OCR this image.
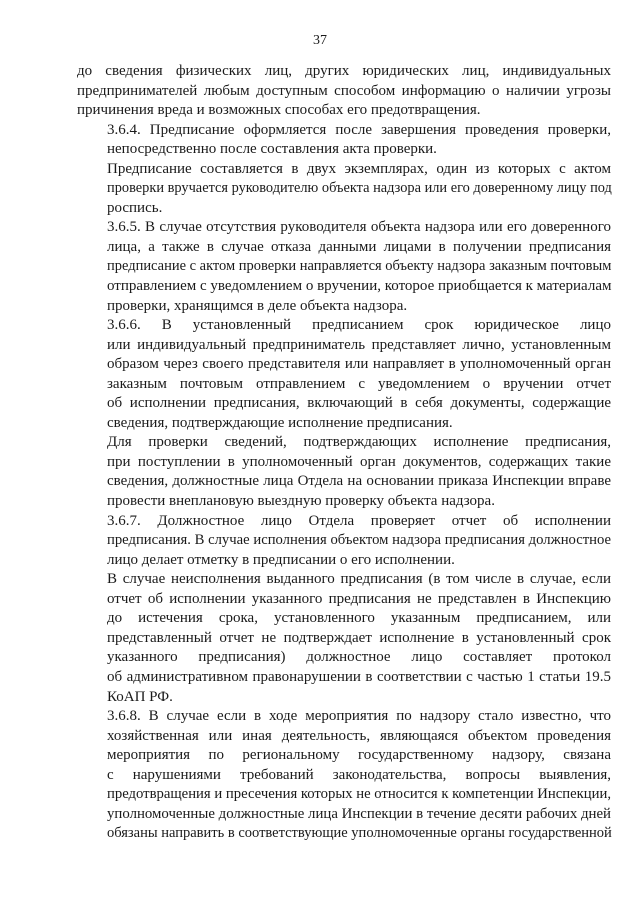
37

до сведения физических лиц, других юридических лиц, индивидуальных
предпринимателей любым доступным способом информацию о наличии угрозы
причинения вреда и возможных способах его предотвращения.

3.6.4. Предписание оформляется после завершения проведения проверки,
непосредственно после составления акта проверки.

Предписание составляется в двух экземплярах, один из которых с актом
проверки вручается руководителю объекта надзора или его доверенному лицу под
роспись.

3.6.5. В случае отсутствия руководителя объекта надзора или его доверенного
лица, а также в случае отказа данными лицами в получении предписания
предписание с актом проверки направляется объекту надзора заказным почтовым
отправлением с уведомлением о вручении, которое приобщается к материалам
проверки, хранящимся в деле объекта надзора.

3.6.6. В установленный предписанием срок юридическое лицо
или индивидуальный предприниматель представляет лично, установленным
образом через своего представителя или направляет в уполномоченный орган
заказным почтовым отправлением с уведомлением о вручении отчет
об исполнении предписания, включающий в себя документы, содержащие
сведения, подтверждающие исполнение предписания.

Для проверки сведений, подтверждающих исполнение предписания,
при поступлении в уполномоченный орган документов, содержащих такие
сведения, должностные лица Отдела на основании приказа Инспекции вправе
провести внеплановую выездную проверку объекта надзора.

3.6.7. Должностное лицо Отдела проверяет отчет об исполнении
предписания. В случае исполнения объектом надзора предписания должностное
лицо делает отметку в предписании о его исполнении.

В случае неисполнения выданного предписания (в том числе в случае, если
отчет об исполнении указанного предписания не представлен в Инспекцию
до истечения срока, установленного указанным предписанием, или
представленный отчет не подтверждает исполнение в установленный срок
указанного предписания) должностное лицо составляет протокол
об административном правонарушении в соответствии с частью 1 статьи 19.5
КоАП РФ.

3.6.8. В случае если в ходе мероприятия по надзору стало известно, что
хозяйственная или иная деятельность, являющаяся объектом проведения
мероприятия по региональному государственному надзору, связана
с нарушениями требований законодательства, вопросы выявления,
предотвращения и пресечения которых не относится к компетенции Инспекции,
уполномоченные должностные лица Инспекции в течение десяти рабочих дней
обязаны направить в соответствующие уполномоченные органы государственной
